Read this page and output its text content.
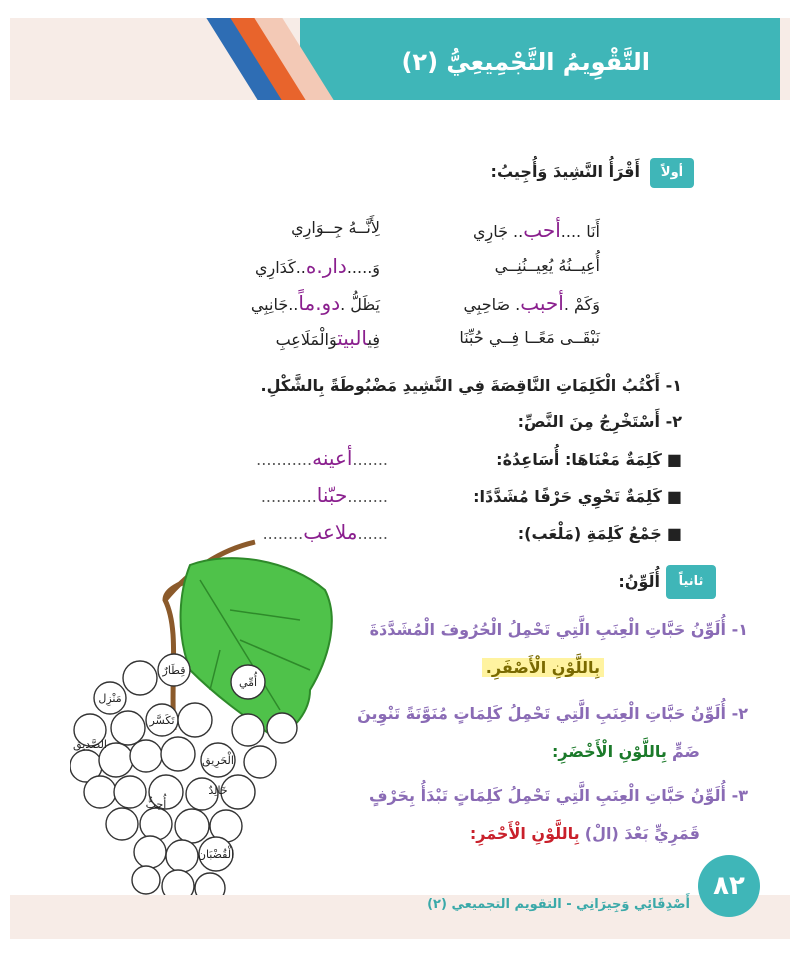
التَّقْوِيمُ التَّجْمِيعِيُّ (٢)
أولاً
أَقْرَأُ النَّشِيدَ وَأُجِيبُ:
أَنَا ....أحب.. جَارِي
لِأَنَّــهُ جِــوَارِي
أُعِيــنُهُ يُعِيــنُنِــي
وَ.....دار.ه..كَدَارِي
وَكَمْ .أحبب. صَاحِبِي
يَظَلُّ .دو.ماً..جَانِبِي
نَبْقَــى مَعًــا فِــي حُبِّنَا
فِيالبيتوَالْمَلَاعِبِ
١- أَكْتُبُ الْكَلِمَاتِ النَّاقِصَةَ فِي النَّشِيدِ مَضْبُوطَةً بِالشَّكْلِ.
٢- أَسْتَخْرِجُ مِنَ النَّصِّ:
■ كَلِمَةٌ مَعْنَاهَا: أُسَاعِدُهُ:
.......أعينه...........
■ كَلِمَةٌ تَحْوِي حَرْفًا مُشَدَّدًا:
........حبّنا...........
■ جَمْعُ كَلِمَةِ (مَلْعَب):
......ملاعب........
ثانياً
أُلَوِّنُ:
١- أُلَوِّنُ حَبَّاتِ الْعِنَبِ الَّتِي تَحْمِلُ الْحُرُوفَ الْمُشَدَّدَةَ
بِاللَّوْنِ الْأَصْفَرِ.
٢- أُلَوِّنُ حَبَّاتِ الْعِنَبِ الَّتِي تَحْمِلُ كَلِمَاتٍ مُنَوَّنَةً تَنْوِينَ
ضَمٍّ بِاللَّوْنِ الْأَخْضَرِ:
٣- أُلَوِّنُ حَبَّاتِ الْعِنَبِ الَّتِي تَحْمِلُ كَلِمَاتٍ تَبْدَأُ بِحَرْفٍ
قَمَرِيٍّ بَعْدَ (الْ) بِاللَّوْنِ الْأَحْمَرِ:
قِطَارٌ
أُمِّي
مَنْزِل
تَكَسَّر
الصَّدِيق
الْحَرِيق
خَالِدٌ
أُحِبُّ
الْقُضْبَان
٨٢
أَصْدِقَائِي وَجِيرَانِي - التقويم التجميعي (٢)
